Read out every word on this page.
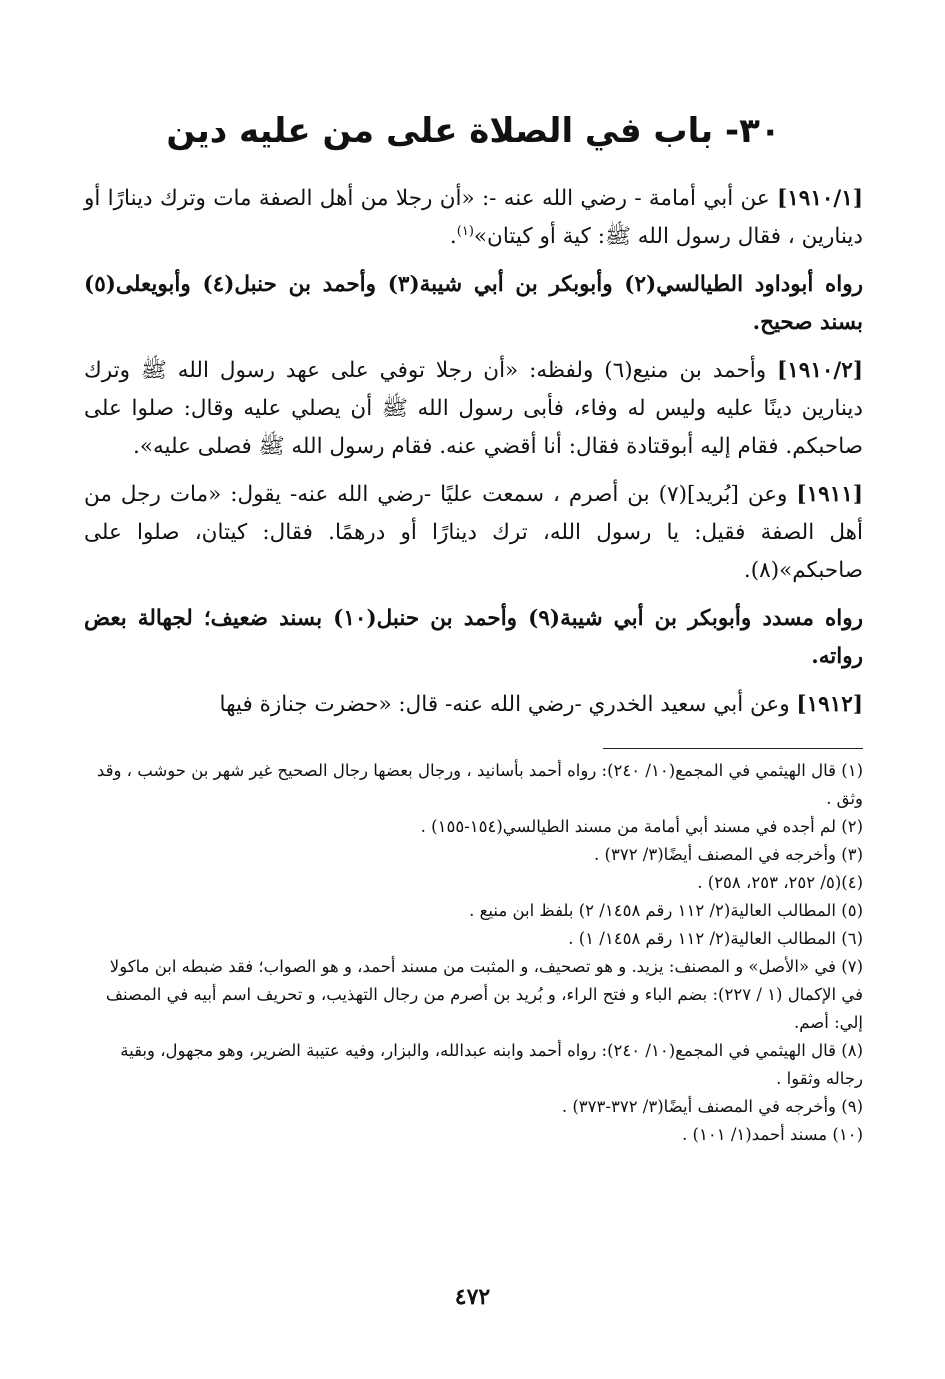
٣٠- باب في الصلاة على من عليه دين

[١٩١٠/١] عن أبي أمامة - رضي الله عنه -: «أن رجلا من أهل الصفة مات وترك دينارًا أو دينارين ، فقال رسول الله ﷺ: كية أو كيتان»$^{(١)}$.

رواه أبوداود الطيالسي(٢) وأبوبكر بن أبي شيبة(٣) وأحمد بن حنبل(٤) وأبويعلى(٥) بسند صحيح.

[١٩١٠/٢] وأحمد بن منيع(٦) ولفظه: «أن رجلا توفي على عهد رسول الله ﷺ وترك دينارين دينًا عليه وليس له وفاء، فأبى رسول الله ﷺ أن يصلي عليه وقال: صلوا على صاحبكم. فقام إليه أبوقتادة فقال: أنا أقضي عنه. فقام رسول الله ﷺ فصلى عليه».

[١٩١١] وعن [بُريد](٧) بن أصرم ، سمعت عليًا -رضي الله عنه- يقول: «مات رجل من أهل الصفة فقيل: يا رسول الله، ترك دينارًا أو درهمًا. فقال: كيتان، صلوا على صاحبكم»(٨).

رواه مسدد وأبوبكر بن أبي شيبة(٩) وأحمد بن حنبل(١٠) بسند ضعيف؛ لجهالة بعض رواته.

[١٩١٢] وعن أبي سعيد الخدري -رضي الله عنه- قال: «حضرت جنازة فيها

(١) قال الهيثمي في المجمع(١٠/ ٢٤٠): رواه أحمد بأسانيد ، ورجال بعضها رجال الصحيح غير شهر بن حوشب ، وقد وثق .

(٢) لم أجده في مسند أبي أمامة من مسند الطيالسي(١٥٤-١٥٥) .

(٣) وأخرجه في المصنف أيضًا(٣/ ٣٧٢) .

(٤)(٥/ ٢٥٢، ٢٥٣، ٢٥٨) .

(٥) المطالب العالية(٢/ ١١٢ رقم ١٤٥٨/ ٢) بلفظ ابن منيع .

(٦) المطالب العالية(٢/ ١١٢ رقم ١٤٥٨/ ١) .

(٧) في «الأصل» و المصنف: يزيد. و هو تصحيف، و المثبت من مسند أحمد، و هو الصواب؛ فقد ضبطه ابن ماكولا في الإكمال (١ / ٢٢٧): بضم الباء و فتح الراء، و بُريد بن أصرم من رجال التهذيب، و تحريف اسم أبيه في المصنف إلي: أصم.

(٨) قال الهيثمي في المجمع(١٠/ ٢٤٠): رواه أحمد وابنه عبدالله، والبزار، وفيه عتيبة الضرير، وهو مجهول، وبقية رجاله وثقوا .

(٩) وأخرجه في المصنف أيضًا(٣/ ٣٧٢-٣٧٣) .

(١٠) مسند أحمد(١/ ١٠١) .

٤٧٢
